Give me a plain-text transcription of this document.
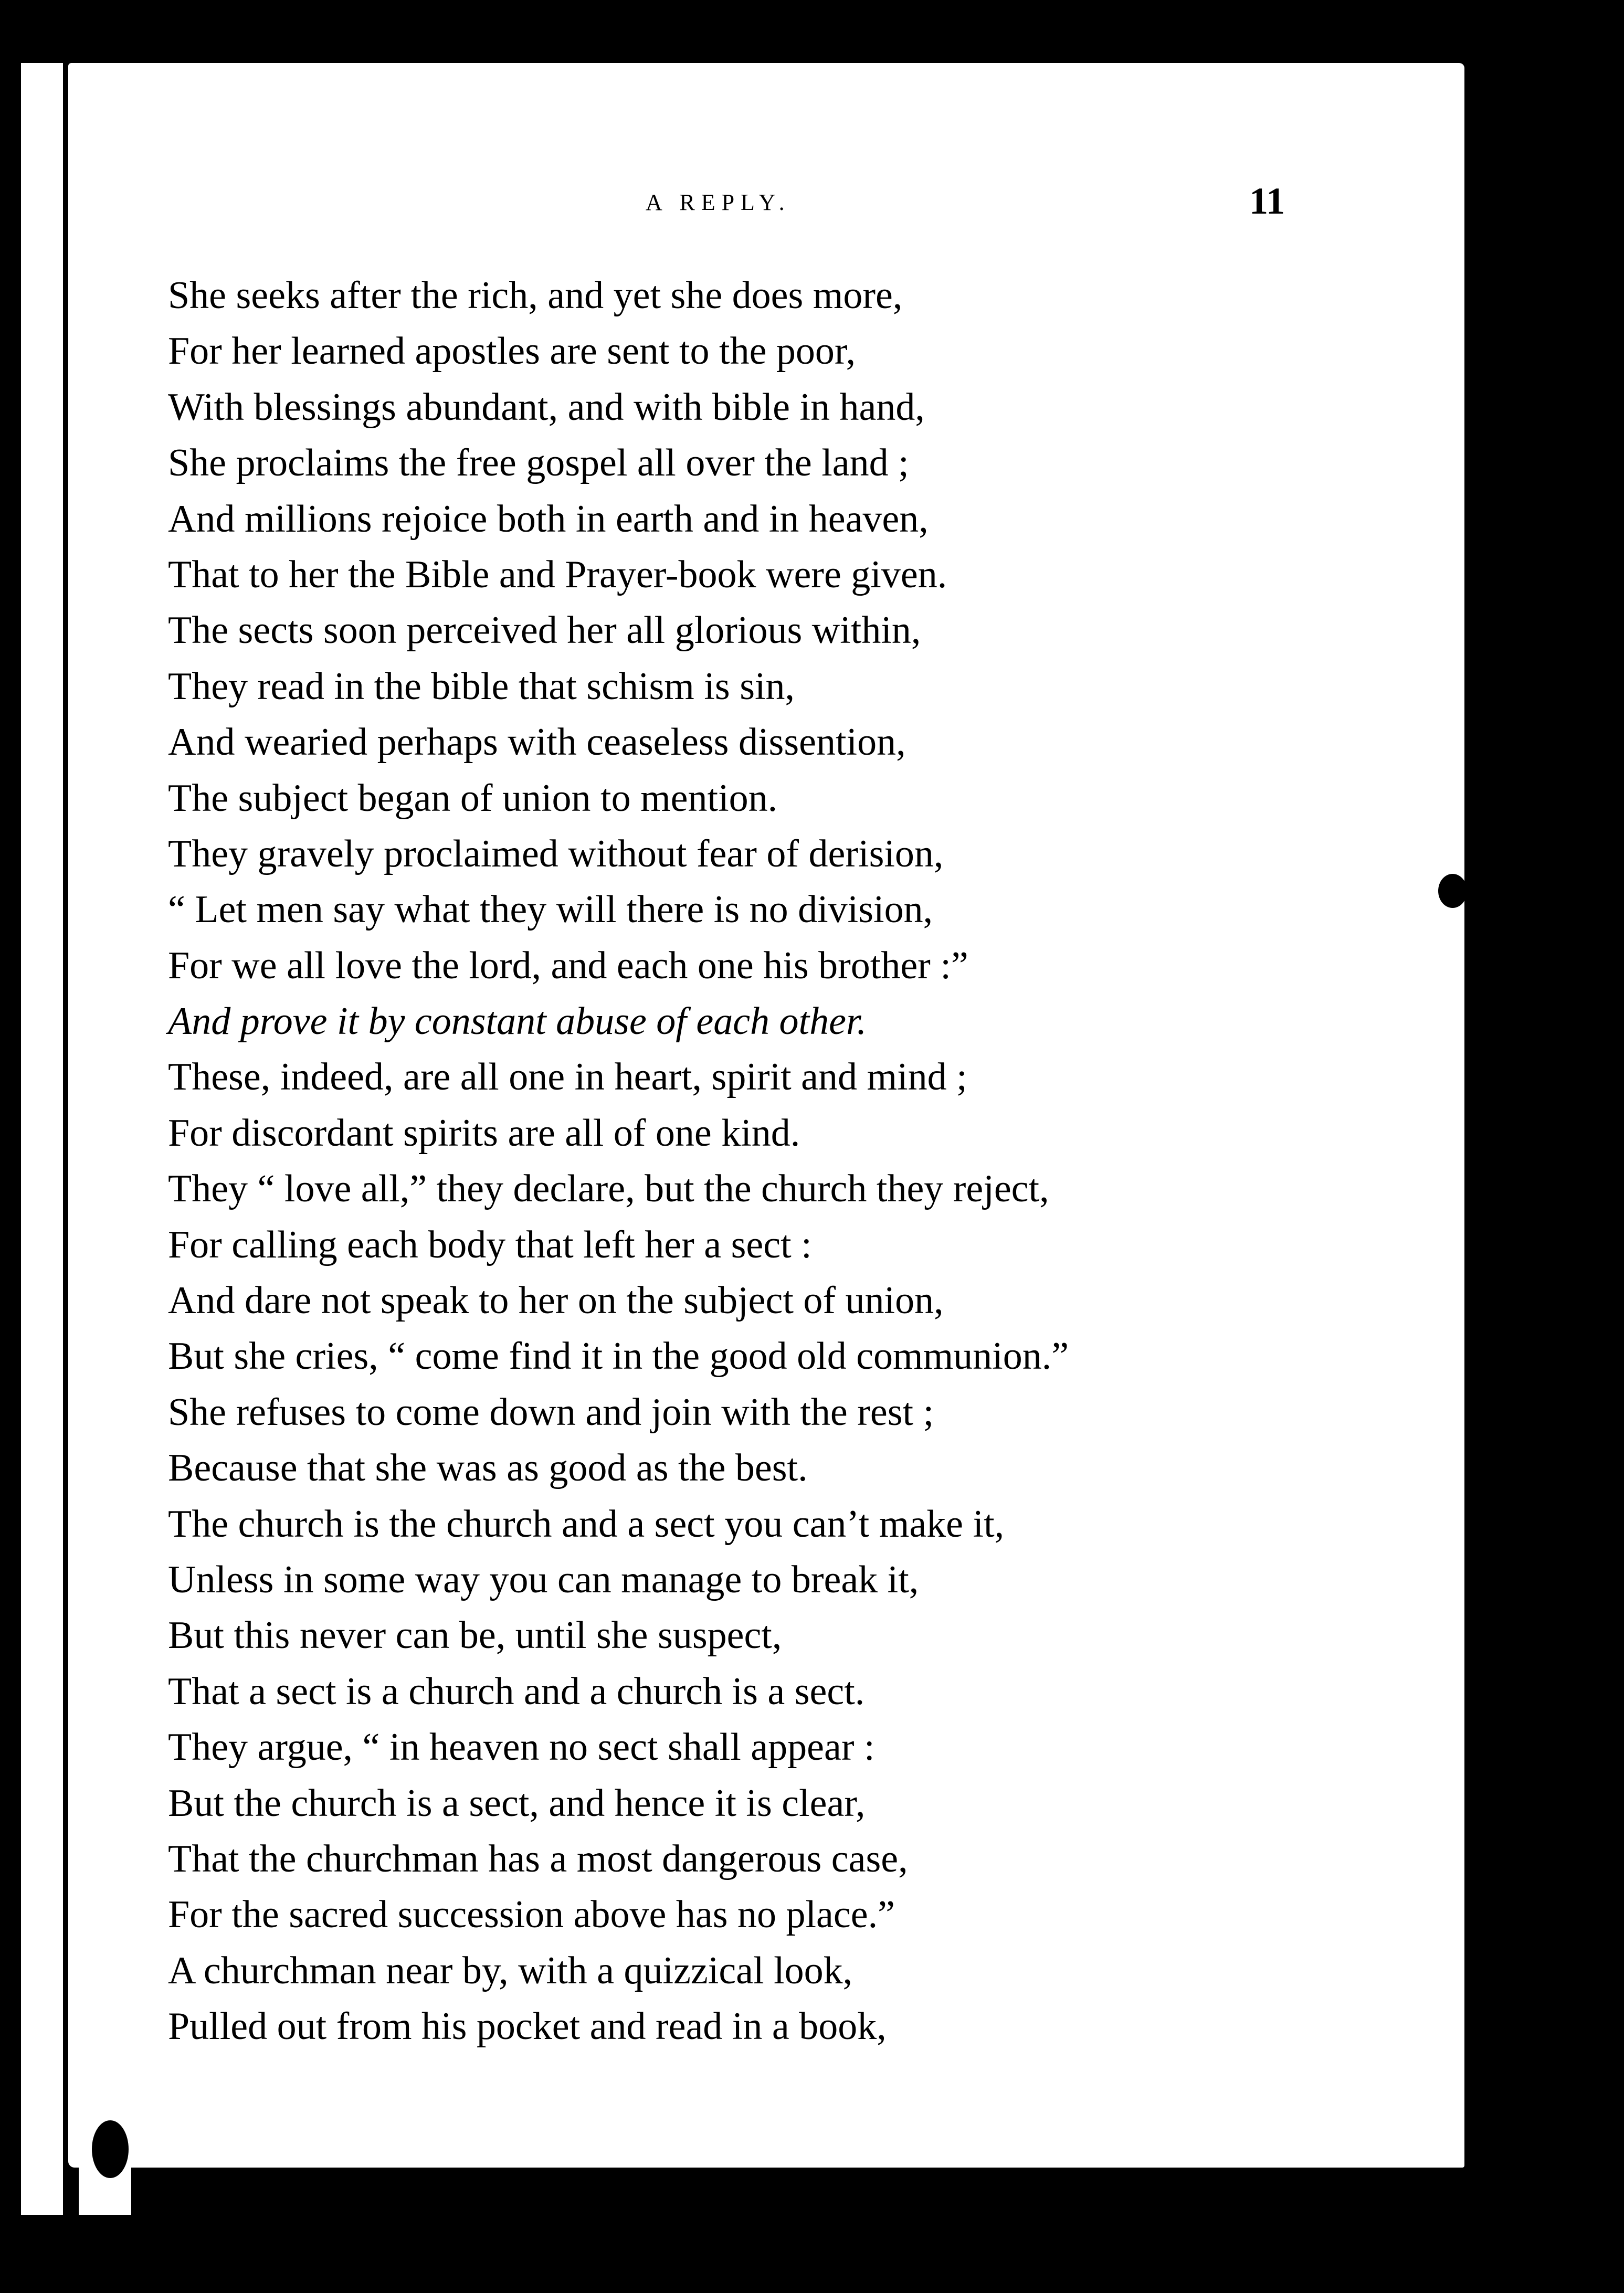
A REPLY.	11
She seeks after the rich, and yet she does more,
For her learned apostles are sent to the poor,
With blessings abundant, and with bible in hand,
She proclaims the free gospel all over the land ;
And millions rejoice both in earth and in heaven,
That to her the Bible and Prayer-book were given.
The sects soon perceived her all glorious within,
They read in the bible that schism is sin,
And wearied perhaps with ceaseless dissention,
The subject began of union to mention.
They gravely proclaimed without fear of derision,
“ Let men say what they will there is no division,
For we all love the lord, and each one his brother :”
And prove it by constant abuse of each other.
These, indeed, are all one in heart, spirit and mind ;
For discordant spirits are all of one kind.
They “ love all,” they declare, but the church they reject,
For calling each body that left her a sect :
And dare not speak to her on the subject of union,
But she cries, “ come find it in the good old communion.”
She refuses to come down and join with the rest ;
Because that she was as good as the best.
The church is the church and a sect you can’t make it,
Unless in some way you can manage to break it,
But this never can be, until she suspect,
That a sect is a church and a church is a sect.
They argue, “ in heaven no sect shall appear :
But the church is a sect, and hence it is clear,
That the churchman has a most dangerous case,
For the sacred succession above has no place.”
A churchman near by, with a quizzical look,
Pulled out from his pocket and read in a book,
